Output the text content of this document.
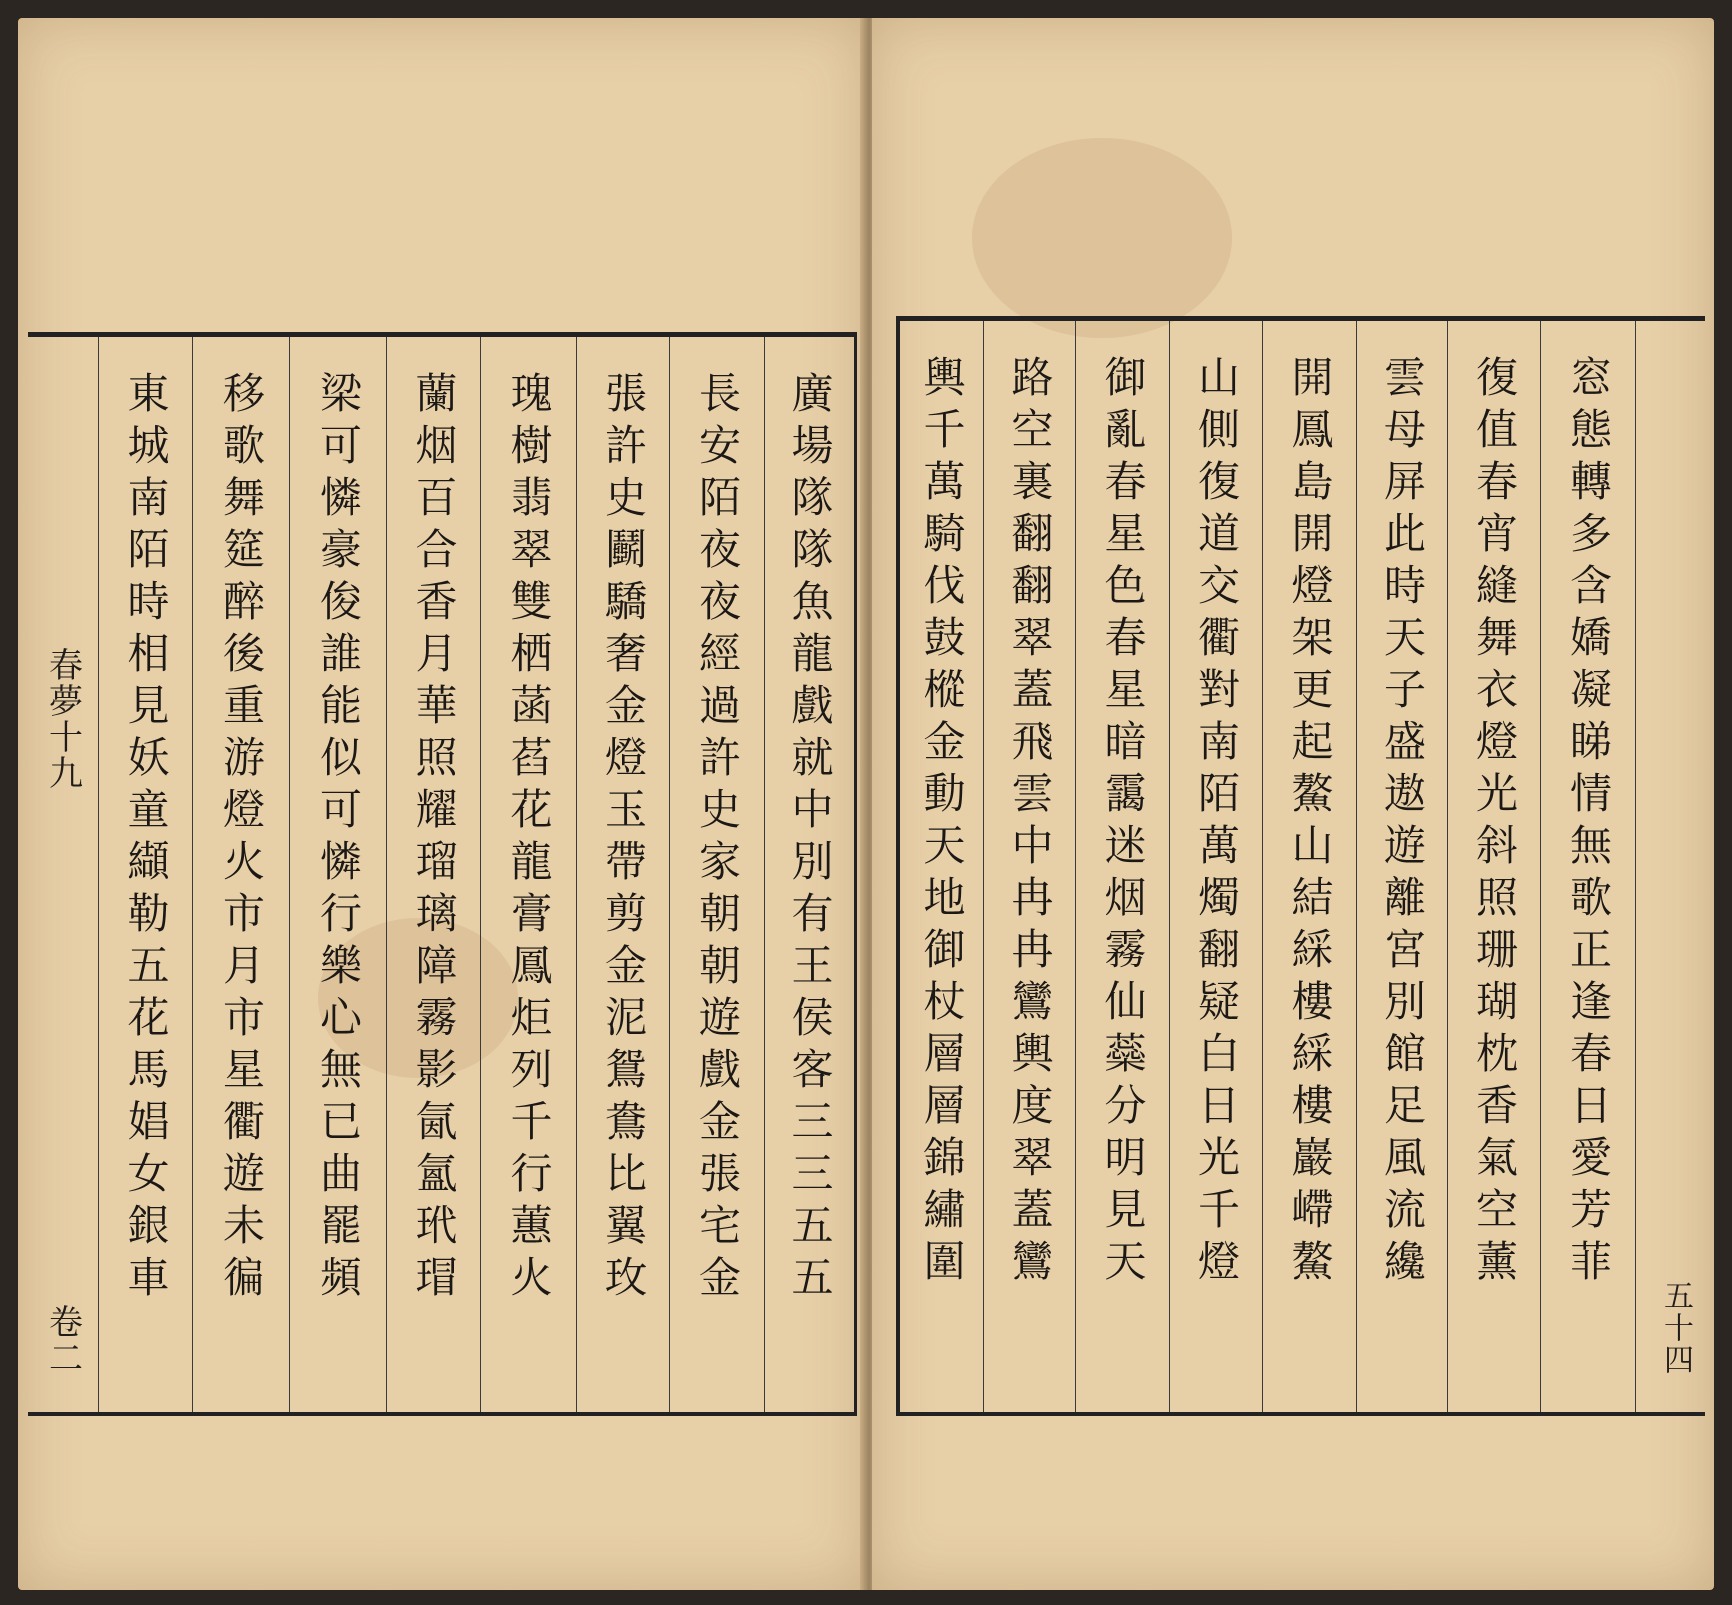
春夢十九
卷二
廣場隊隊魚龍戲就中別有王侯客三三五五
長安陌夜夜經過許史家朝朝遊戲金張宅金
張許史鬬驕奢金燈玉帶剪金泥鴛鴦比翼玫
瑰樹翡翠雙栖菡萏花龍膏鳳炬列千行蕙火
蘭烟百合香月華照耀瑠璃障霧影氤氳玳瑁
梁可憐豪俊誰能似可憐行樂心無已曲罷頻
移歌舞筵醉後重游燈火市月市星衢遊未徧
東城南陌時相見妖童纈勒五花馬娼女銀車
五十四
窓態轉多含嬌凝睇情無歌正逢春日愛芳菲
復值春宵縫舞衣燈光斜照珊瑚枕香氣空薰
雲母屏此時天子盛遨遊離宮別館足風流纔
開鳳島開燈架更起鰲山結綵樓綵樓巖嵽鰲
山側復道交衢對南陌萬燭翻疑白日光千燈
御亂春星色春星暗靄迷烟霧仙蘂分明見天
路空裏翻翻翠蓋飛雲中冉冉鸞輿度翠蓋鸞
輿千萬騎伐鼓樅金動天地御杖層層錦繡圍
